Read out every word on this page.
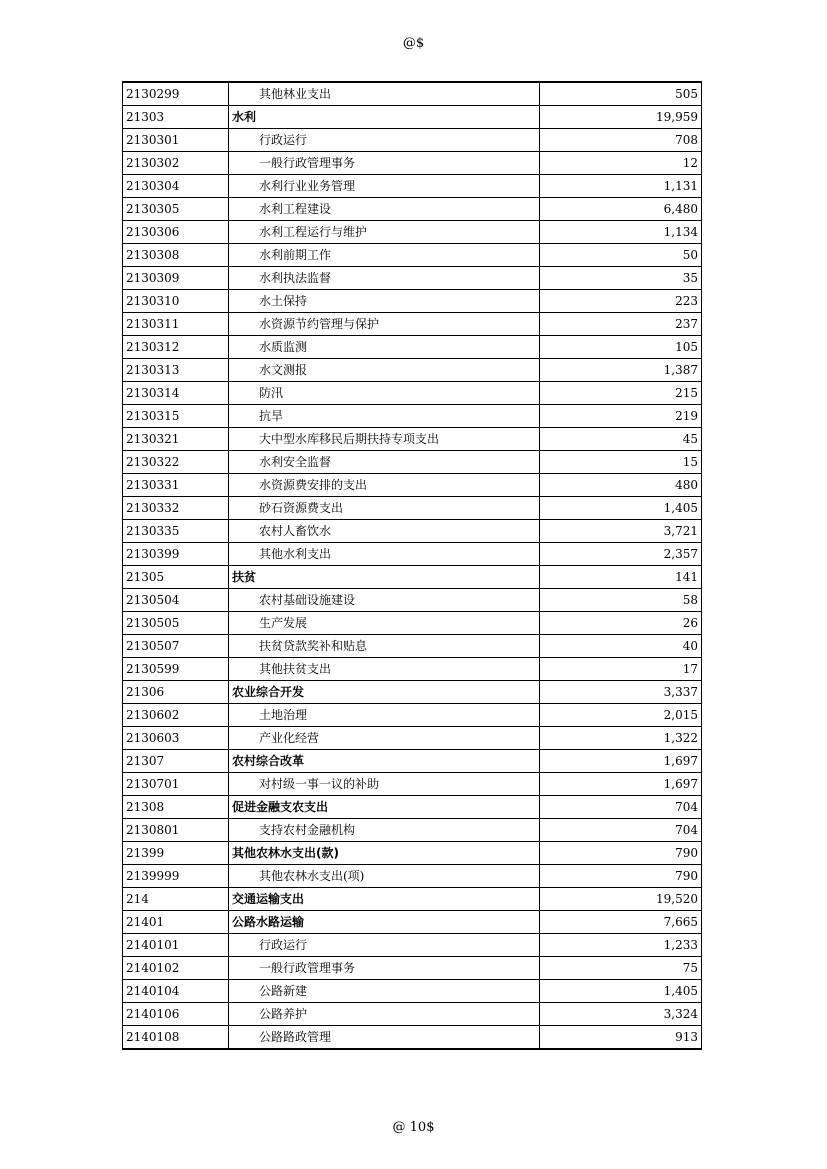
@$
2130299	其他林业支出	505
21303	水利	19,959
2130301	行政运行	708
2130302	一般行政管理事务	12
2130304	水利行业业务管理	1,131
2130305	水利工程建设	6,480
2130306	水利工程运行与维护	1,134
2130308	水利前期工作	50
2130309	水利执法监督	35
2130310	水土保持	223
2130311	水资源节约管理与保护	237
2130312	水质监测	105
2130313	水文测报	1,387
2130314	防汛	215
2130315	抗旱	219
2130321	大中型水库移民后期扶持专项支出	45
2130322	水利安全监督	15
2130331	水资源费安排的支出	480
2130332	砂石资源费支出	1,405
2130335	农村人畜饮水	3,721
2130399	其他水利支出	2,357
21305	扶贫	141
2130504	农村基础设施建设	58
2130505	生产发展	26
2130507	扶贫贷款奖补和贴息	40
2130599	其他扶贫支出	17
21306	农业综合开发	3,337
2130602	土地治理	2,015
2130603	产业化经营	1,322
21307	农村综合改革	1,697
2130701	对村级一事一议的补助	1,697
21308	促进金融支农支出	704
2130801	支持农村金融机构	704
21399	其他农林水支出(款)	790
2139999	其他农林水支出(项)	790
214	交通运输支出	19,520
21401	公路水路运输	7,665
2140101	行政运行	1,233
2140102	一般行政管理事务	75
2140104	公路新建	1,405
2140106	公路养护	3,324
2140108	公路路政管理	913
@ 10$
